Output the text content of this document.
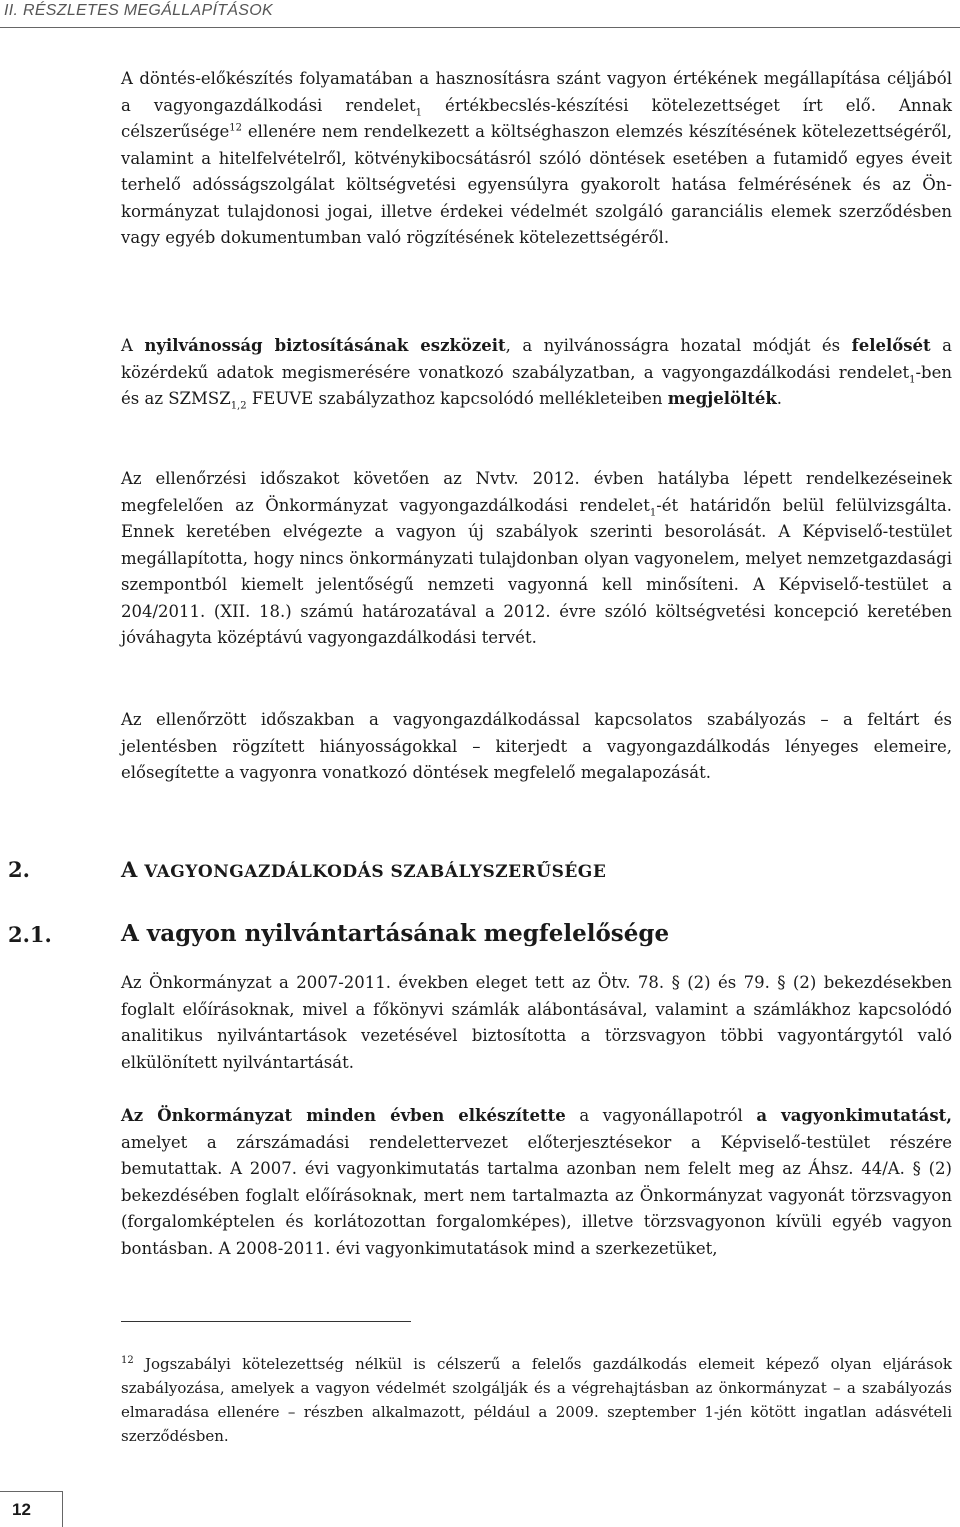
II. RÉSZLETES MEGÁLLAPÍTÁSOK

A döntés-előkészítés folyamatában a hasznosításra szánt vagyon értékének megállapítása céljából a vagyongazdálkodási rendelet$_1$ értékbecslés-készítési kötelezettséget írt elő. Annak célszerűsége$^{12}$ ellenére nem rendelkezett a költséghaszon elemzés készítésének kötelezettségéről, valamint a hitelfelvételről, kötvénykibocsátásról szóló döntések esetében a futamidő egyes éveit terhelő adósságszolgálat költségvetési egyensúlyra gyakorolt hatása felmérésének és az Önkormányzat tulajdonosi jogai, illetve érdekei védelmét szolgáló garanciális elemek szerződésben vagy egyéb dokumentumban való rögzítésének kötelezettségéről.

A nyilvánosság biztosításának eszközeit, a nyilvánosságra hozatal módját és felelősét a közérdekű adatok megismerésére vonatkozó szabályzatban, a vagyongazdálkodási rendelet$_1$-ben és az $SZMSZ_{1,2}$ FEUVE szabályzathoz kapcsolódó mellékleteiben megjelölték.

Az ellenőrzési időszakot követően az Nvtv. 2012. évben hatályba lépett rendelkezéseinek megfelelően az Önkormányzat vagyongazdálkodási rendelet$_1$-ét határidőn belül felülvizsgálta. Ennek keretében elvégezte a vagyon új szabályok szerinti besorolását. A Képviselő-testület megállapította, hogy nincs önkormányzati tulajdonban olyan vagyonelem, melyet nemzetgazdasági szempontból kiemelt jelentőségű nemzeti vagyonná kell minősíteni. A Képviselő-testület a 204/2011. (XII. 18.) számú határozatával a 2012. évre szóló költségvetési koncepció keretében jóváhagyta középtávú vagyongazdálkodási tervét.

Az ellenőrzött időszakban a vagyongazdálkodással kapcsolatos szabályozás – a feltárt és jelentésben rögzített hiányosságokkal – kiterjedt a vagyongazdálkodás lényeges elemeire, elősegítette a vagyonra vonatkozó döntések megfelelő megalapozását.

2.	A VAGYONGAZDÁLKODÁS SZABÁLYSZERŰSÉGE
2.1.	A vagyon nyilvántartásának megfelelősége

Az Önkormányzat a 2007-2011. években eleget tett az Ötv. 78. § (2) és 79. § (2) bekezdésekben foglalt előírásoknak, mivel a főkönyvi számlák alábontásával, valamint a számlákhoz kapcsolódó analitikus nyilvántartások vezetésével biztosította a törzsvagyon többi vagyontárgytól való elkülönített nyilvántartását.

Az Önkormányzat minden évben elkészítette a vagyonállapotról a vagyonkimutatást, amelyet a zárszámadási rendelettervezet előterjesztésekor a Képviselő-testület részére bemutattak. A 2007. évi vagyonkimutatás tartalma azonban nem felelt meg az Áhsz. 44/A. § (2) bekezdésében foglalt előírásoknak, mert nem tartalmazta az Önkormányzat vagyonát törzsvagyon (forgalomképtelen és korlátozottan forgalomképes), illetve törzsvagyonon kívüli egyéb vagyon bontásban. A 2008-2011. évi vagyonkimutatások mind a szerkezetüket,

$^{12}$ Jogszabályi kötelezettség nélkül is célszerű a felelős gazdálkodás elemeit képező olyan eljárások szabályozása, amelyek a vagyon védelmét szolgálják és a végrehajtásban az önkormányzat – a szabályozás elmaradása ellenére – részben alkalmazott, például a 2009. szeptember 1-jén kötött ingatlan adásvételi szerződésben.

12
